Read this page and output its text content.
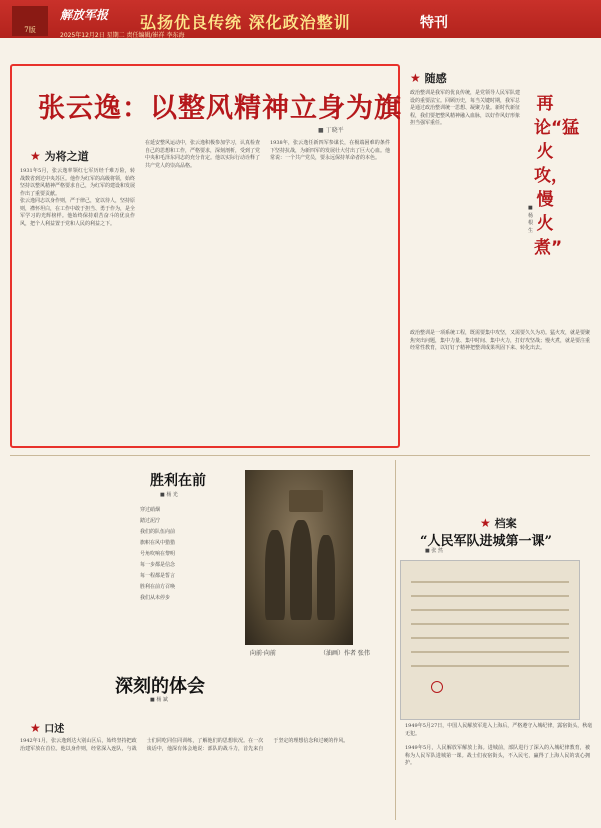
7版
解放军报 弘扬优良传统 深化政治整训	特刊
2025年12月2日 星期二 责任编辑/崔祥 李东海
张云逸：以整风精神立身为旗
■ 丁晓平
★ 为将之道

1931年5月，张云逸率领红七军历经千难万险，转战数省到达中央苏区。他作为红军的高级将领，始终坚持以整风精神严格要求自己，为红军的建设和发展作出了重要贡献。

张云逸同志以身作则，严于律己，宽以待人，坚持原则，襟怀坦白，在工作中敢于担当、勇于作为，是全军学习的光辉榜样。他始终保持艰苦奋斗的优良作风，把个人利益置于党和人民的利益之下。

在延安整风运动中，张云逸积极参加学习，认真检查自己的思想和工作，严格要求，深刻剖析，受到了党中央和毛泽东同志的充分肯定。他以实际行动诠释了共产党人的崇高品格。

1938年，张云逸任新四军参谋长，在极端困难的条件下坚持抗战，为新四军的发展壮大付出了巨大心血。他常说：一个共产党员，要永远保持革命者的本色。

★ 随感
政治整训是我军的优良传统，是党领导人民军队建设的重要法宝。回顾历史，每当关键时期，我军总是通过政治整训统一思想、凝聚力量。新时代新征程，我们要把整风精神融入血脉，以好作风好形象担当强军重任。
再论“猛火攻，慢火煮”
■ 杨根生
政治整训是一项系统工程，既需要集中攻坚，又需要久久为功。猛火攻，就是要聚焦突出问题，集中力量、集中时间、集中火力，打好攻坚战；慢火煮，就是要注重经常性教育，以钉钉子精神把整训成果巩固下来、转化出去。
胜利在前
■ 杨 光
穿过硝烟
踏过泥泞
我们的队伍向前
旗帜在风中猎猎
号角吹响在黎明
每一步都是信念
每一程都是誓言
胜利在前方召唤
我们从未停步
向前·向前	（油画）作者 张伟
深刻的体会
■ 杨 斌
★ 口述
1942年1月，张云逸到达大别山区后，始终坚持把政治建军放在首位。他以身作则，经常深入连队，与战士们同吃同住同训练，了解他们的思想状况。在一次谈话中，他深有体会地说：部队的战斗力，首先来自于坚定的理想信念和过硬的作风。
★ 档案
“人民军队进城第一课”
■ 张 然
1949年5月27日，中国人民解放军进入上海后，严格遵守入城纪律，露宿街头，秋毫无犯。
1949年5月，人民解放军解放上海。进城前，部队进行了深入的入城纪律教育，被称为人民军队进城第一课。战士们夜宿街头，不入民宅，赢得了上海人民的衷心拥护。
